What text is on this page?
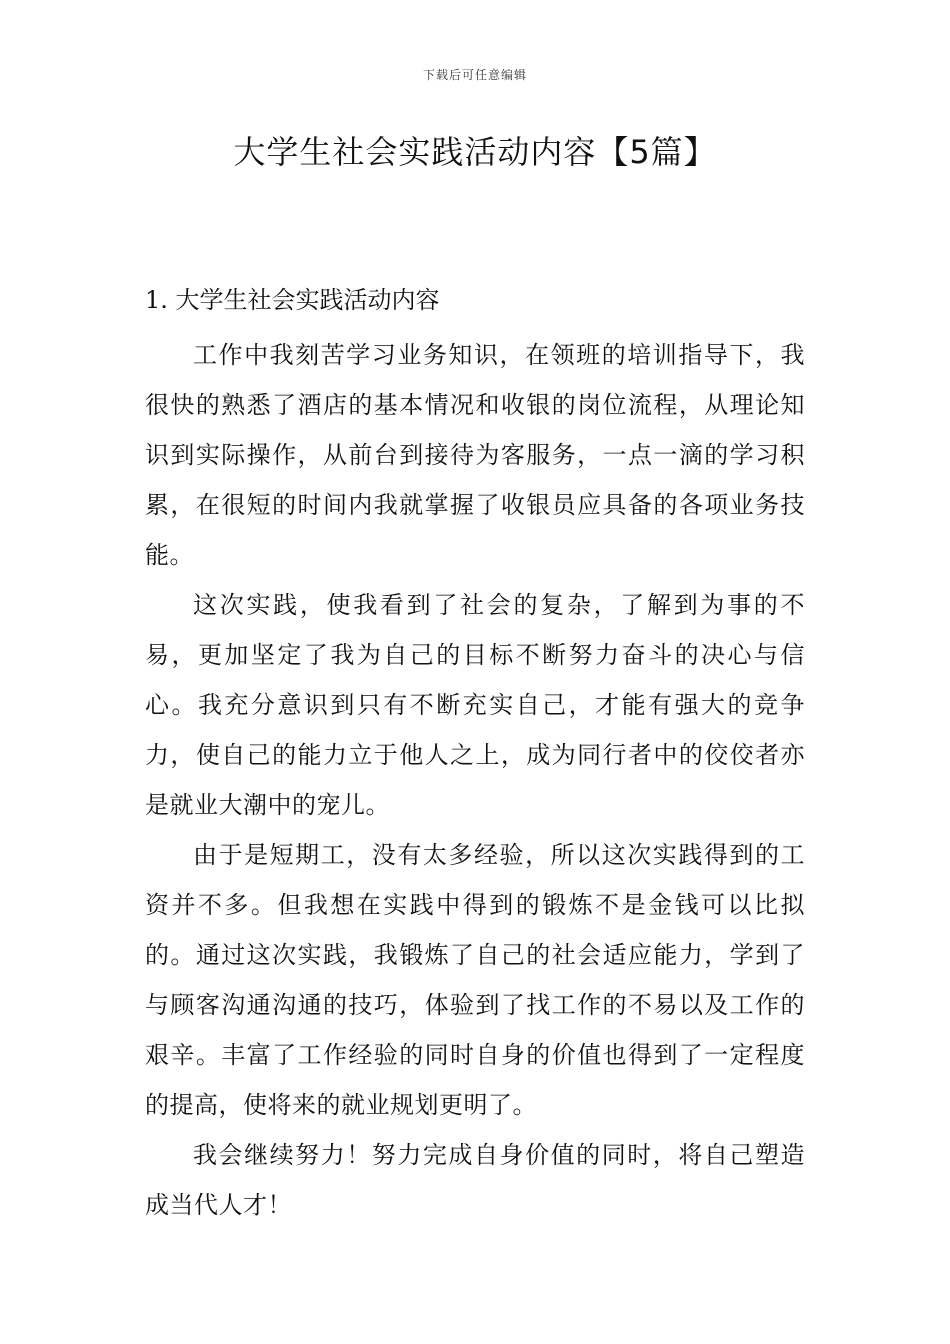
下载后可任意编辑
大学生社会实践活动内容【5篇】
1. 大学生社会实践活动内容

工作中我刻苦学习业务知识，在领班的培训指导下，我很快的熟悉了酒店的基本情况和收银的岗位流程，从理论知识到实际操作，从前台到接待为客服务，一点一滴的学习积累，在很短的时间内我就掌握了收银员应具备的各项业务技能。

这次实践，使我看到了社会的复杂，了解到为事的不易，更加坚定了我为自己的目标不断努力奋斗的决心与信心。我充分意识到只有不断充实自己，才能有强大的竞争力，使自己的能力立于他人之上，成为同行者中的佼佼者亦是就业大潮中的宠儿。

由于是短期工，没有太多经验，所以这次实践得到的工资并不多。但我想在实践中得到的锻炼不是金钱可以比拟的。通过这次实践，我锻炼了自己的社会适应能力，学到了与顾客沟通沟通的技巧，体验到了找工作的不易以及工作的艰辛。丰富了工作经验的同时自身的价值也得到了一定程度的提高，使将来的就业规划更明了。

我会继续努力！努力完成自身价值的同时，将自己塑造成当代人才！
